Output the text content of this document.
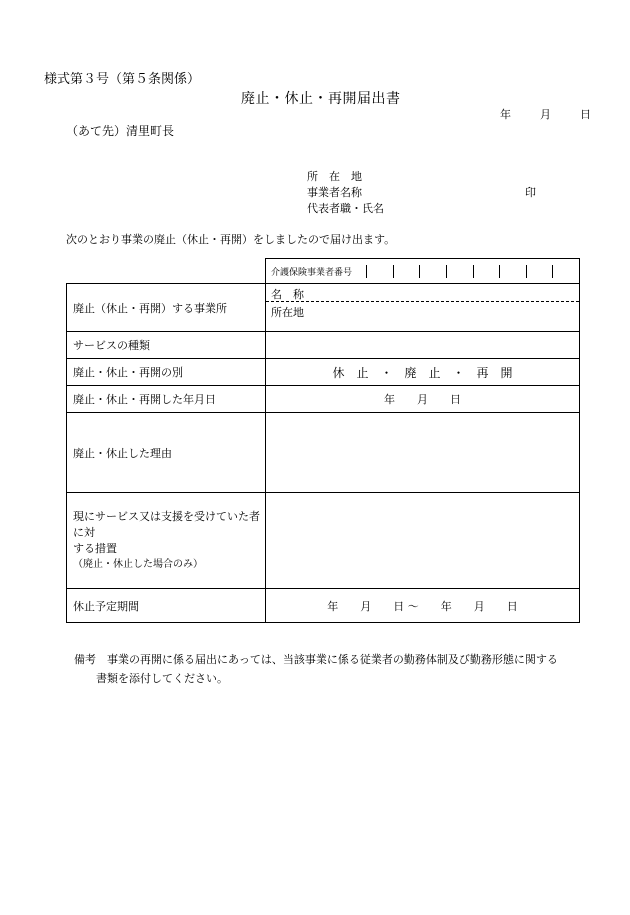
様式第３号（第５条関係）
廃止・休止・再開届出書
年	月	日
（あて先）清里町長
所　在　地
事業者名称	印
代表者職・氏名
次のとおり事業の廃止（休止・再開）をしましたので届け出ます。

介護保険事業者番号

廃止（休止・再開）する事業所	名　称
所在地

サービスの種類	
廃止・休止・再開の別	休　止　・　廃　止　・　再　開
廃止・休止・再開した年月日	年　　月　　日
廃止・休止した理由	

現にサービス又は支援を受けていた者に対
する措置
（廃止・休止した場合のみ）	

休止予定期間	年　　月　　日 〜　　年　　月　　日
備考　事業の再開に係る届出にあっては、当該事業に係る従業者の勤務体制及び勤務形態に関する
書類を添付してください。
